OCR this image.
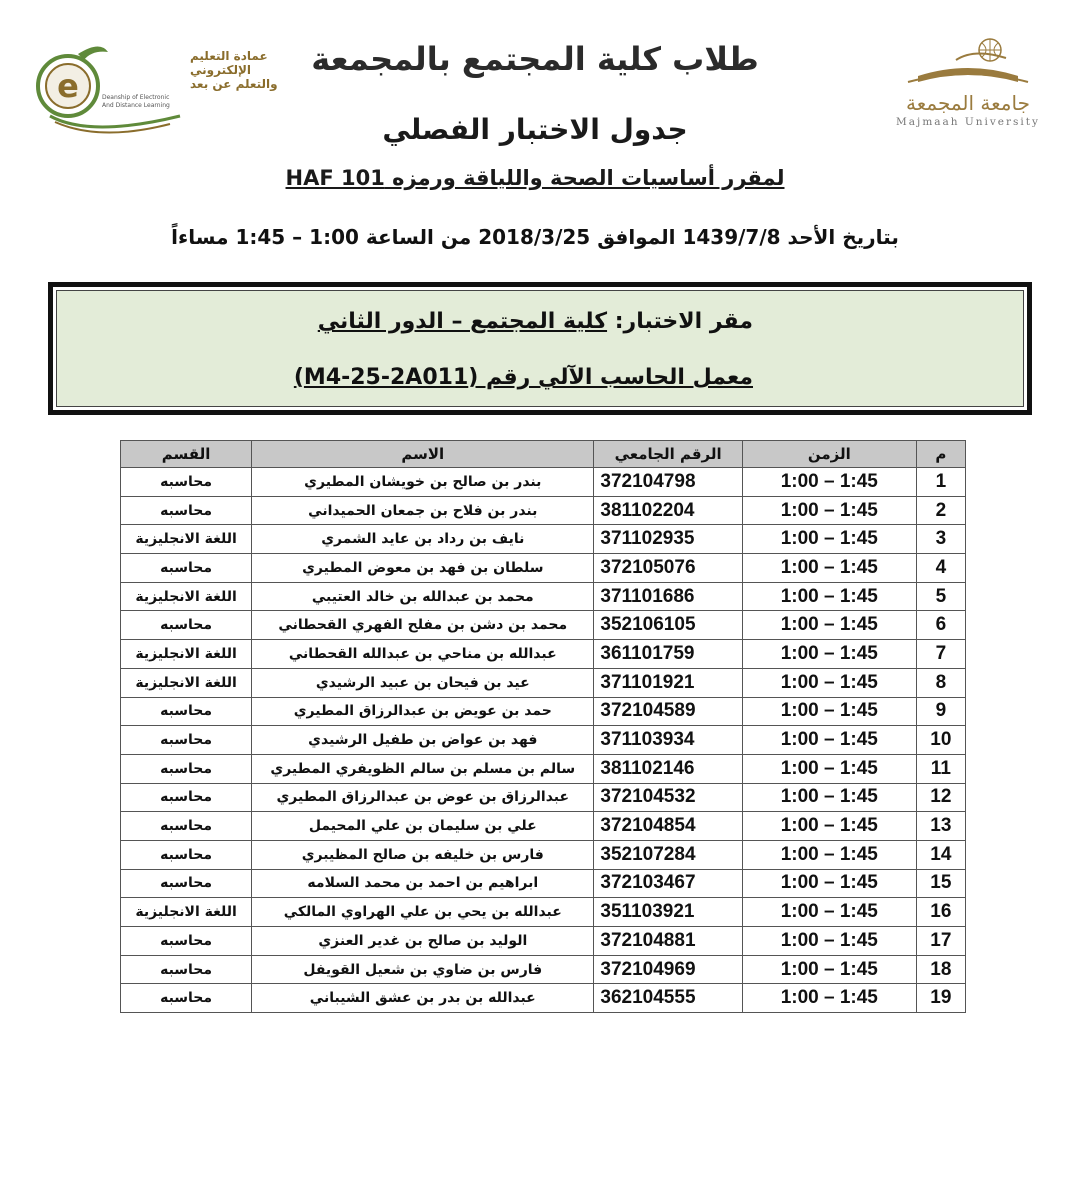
e
عمادة التعليم
الإلكتروني
والتعلم عن بعد
Deanship of Electronic
And Distance Learning	جامعة المجمعة
Majmaah University
طلاب كلية المجتمع بالمجمعة
جدول الاختبار الفصلي
لمقرر أساسيات الصحة واللياقة ورمزه HAF 101
بتاريخ الأحد 1439/7/8 الموافق 2018/3/25 من الساعة 1:00 – 1:45 مساءاً
مقر الاختبار: كلية المجتمع – الدور الثاني
معمل الحاسب الآلي رقم (M4-25-2A011)
م	الزمن	الرقم الجامعي	الاسم	القسم
1	1:00 – 1:45	372104798	بندر بن صالح بن خويشان المطيري	محاسبه
2	1:00 – 1:45	381102204	بندر بن فلاح بن جمعان الحميداني	محاسبه
3	1:00 – 1:45	371102935	نايف بن رداد بن عايد الشمري	اللغة الانجليزية
4	1:00 – 1:45	372105076	سلطان بن فهد بن معوض المطيري	محاسبه
5	1:00 – 1:45	371101686	محمد بن عبدالله بن خالد العتيبي	اللغة الانجليزية
6	1:00 – 1:45	352106105	محمد بن دشن بن مفلح الفهري القحطاني	محاسبه
7	1:00 – 1:45	361101759	عبدالله بن مناحي بن عبدالله القحطاني	اللغة الانجليزية
8	1:00 – 1:45	371101921	عيد بن فيحان بن عبيد الرشيدي	اللغة الانجليزية
9	1:00 – 1:45	372104589	حمد بن عويض بن عبدالرزاق المطيري	محاسبه
10	1:00 – 1:45	371103934	فهد بن عواض بن طفيل الرشيدي	محاسبه
11	1:00 – 1:45	381102146	سالم بن مسلم بن سالم الظويفري المطيري	محاسبه
12	1:00 – 1:45	372104532	عبدالرزاق بن عوض بن عبدالرزاق المطيري	محاسبه
13	1:00 – 1:45	372104854	علي بن سليمان بن علي المحيمل	محاسبه
14	1:00 – 1:45	352107284	فارس بن خليفه بن صالح المظيبري	محاسبه
15	1:00 – 1:45	372103467	ابراهيم بن احمد بن محمد السلامه	محاسبه
16	1:00 – 1:45	351103921	عبدالله بن يحي بن علي الهراوي المالكي	اللغة الانجليزية
17	1:00 – 1:45	372104881	الوليد بن صالح بن غدير العنزي	محاسبه
18	1:00 – 1:45	372104969	فارس بن ضاوي بن شعيل القويفل	محاسبه
19	1:00 – 1:45	362104555	عبدالله بن بدر بن عشق الشيباني	محاسبه
